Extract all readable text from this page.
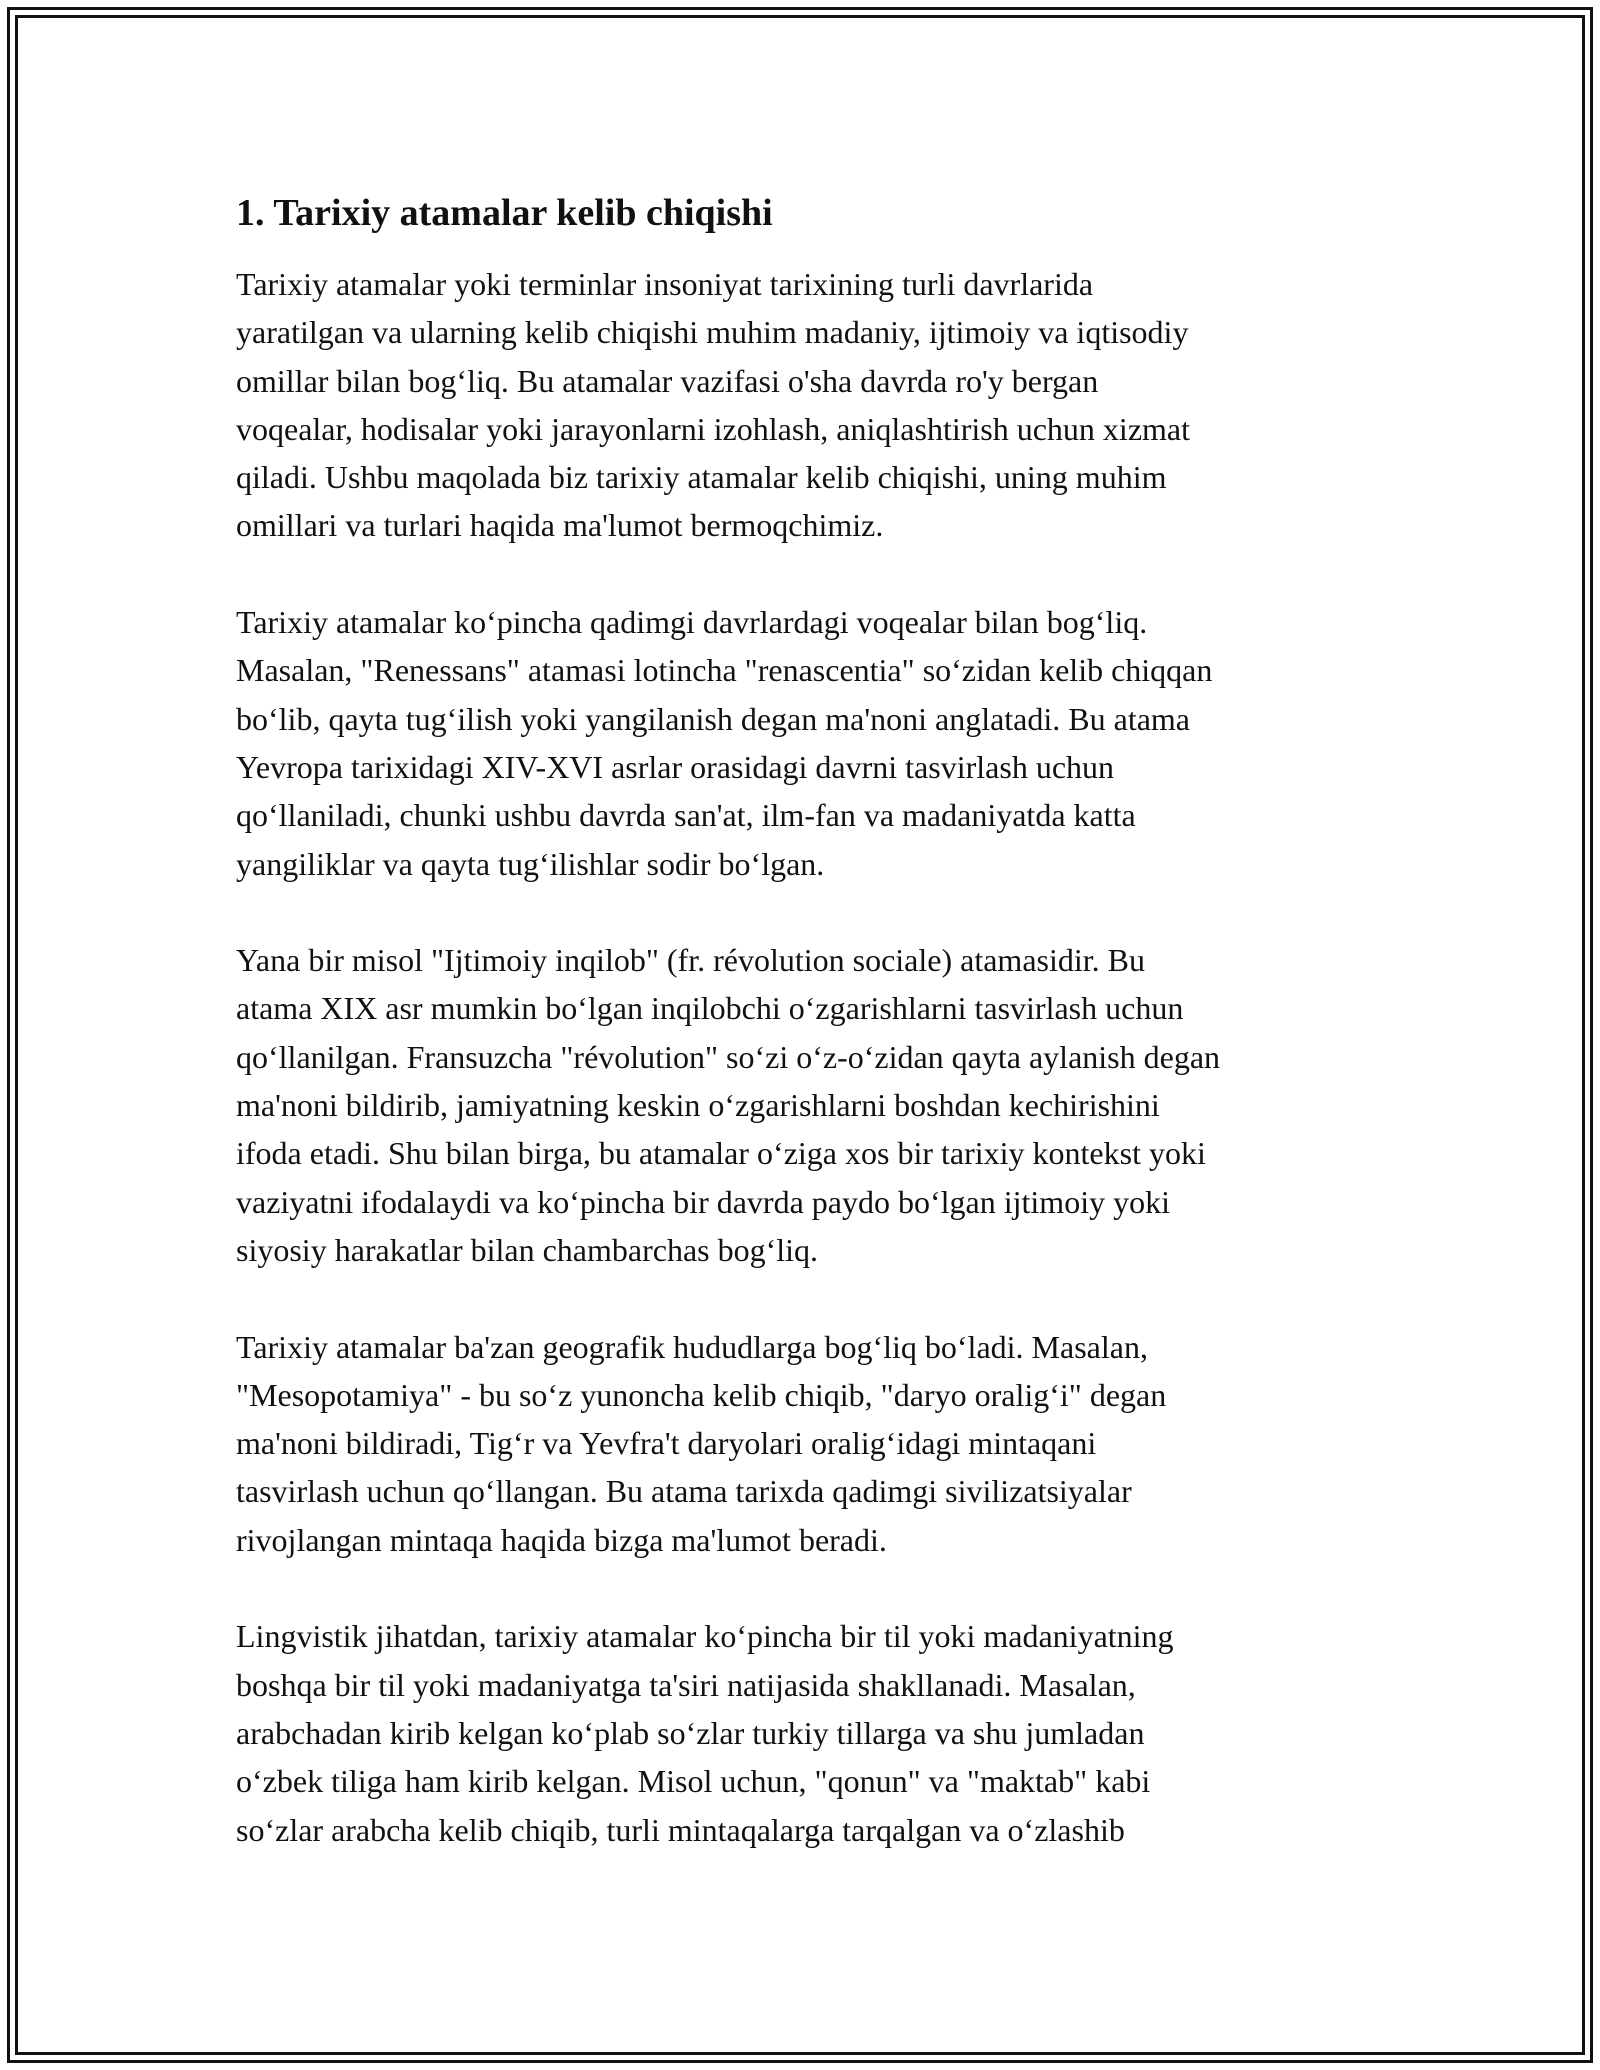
1. Tarixiy atamalar kelib chiqishi

Tarixiy atamalar yoki terminlar insoniyat tarixining turli davrlarida
yaratilgan va ularning kelib chiqishi muhim madaniy, ijtimoiy va iqtisodiy
omillar bilan bog‘liq. Bu atamalar vazifasi o'sha davrda ro'y bergan
voqealar, hodisalar yoki jarayonlarni izohlash, aniqlashtirish uchun xizmat
qiladi. Ushbu maqolada biz tarixiy atamalar kelib chiqishi, uning muhim
omillari va turlari haqida ma'lumot bermoqchimiz.

Tarixiy atamalar ko‘pincha qadimgi davrlardagi voqealar bilan bog‘liq.
Masalan, "Renessans" atamasi lotincha "renascentia" so‘zidan kelib chiqqan
bo‘lib, qayta tug‘ilish yoki yangilanish degan ma'noni anglatadi. Bu atama
Yevropa tarixidagi XIV-XVI asrlar orasidagi davrni tasvirlash uchun
qo‘llaniladi, chunki ushbu davrda san'at, ilm-fan va madaniyatda katta
yangiliklar va qayta tug‘ilishlar sodir bo‘lgan.

Yana bir misol "Ijtimoiy inqilob" (fr. révolution sociale) atamasidir. Bu
atama XIX asr mumkin bo‘lgan inqilobchi o‘zgarishlarni tasvirlash uchun
qo‘llanilgan. Fransuzcha "révolution" so‘zi o‘z-o‘zidan qayta aylanish degan
ma'noni bildirib, jamiyatning keskin o‘zgarishlarni boshdan kechirishini
ifoda etadi. Shu bilan birga, bu atamalar o‘ziga xos bir tarixiy kontekst yoki
vaziyatni ifodalaydi va ko‘pincha bir davrda paydo bo‘lgan ijtimoiy yoki
siyosiy harakatlar bilan chambarchas bog‘liq.

Tarixiy atamalar ba'zan geografik hududlarga bog‘liq bo‘ladi. Masalan,
"Mesopotamiya" - bu so‘z yunoncha kelib chiqib, "daryo oralig‘i" degan
ma'noni bildiradi, Tig‘r va Yevfra't daryolari oralig‘idagi mintaqani
tasvirlash uchun qo‘llangan. Bu atama tarixda qadimgi sivilizatsiyalar
rivojlangan mintaqa haqida bizga ma'lumot beradi.

Lingvistik jihatdan, tarixiy atamalar ko‘pincha bir til yoki madaniyatning
boshqa bir til yoki madaniyatga ta'siri natijasida shakllanadi. Masalan,
arabchadan kirib kelgan ko‘plab so‘zlar turkiy tillarga va shu jumladan
o‘zbek tiliga ham kirib kelgan. Misol uchun, "qonun" va "maktab" kabi
so‘zlar arabcha kelib chiqib, turli mintaqalarga tarqalgan va o‘zlashib
